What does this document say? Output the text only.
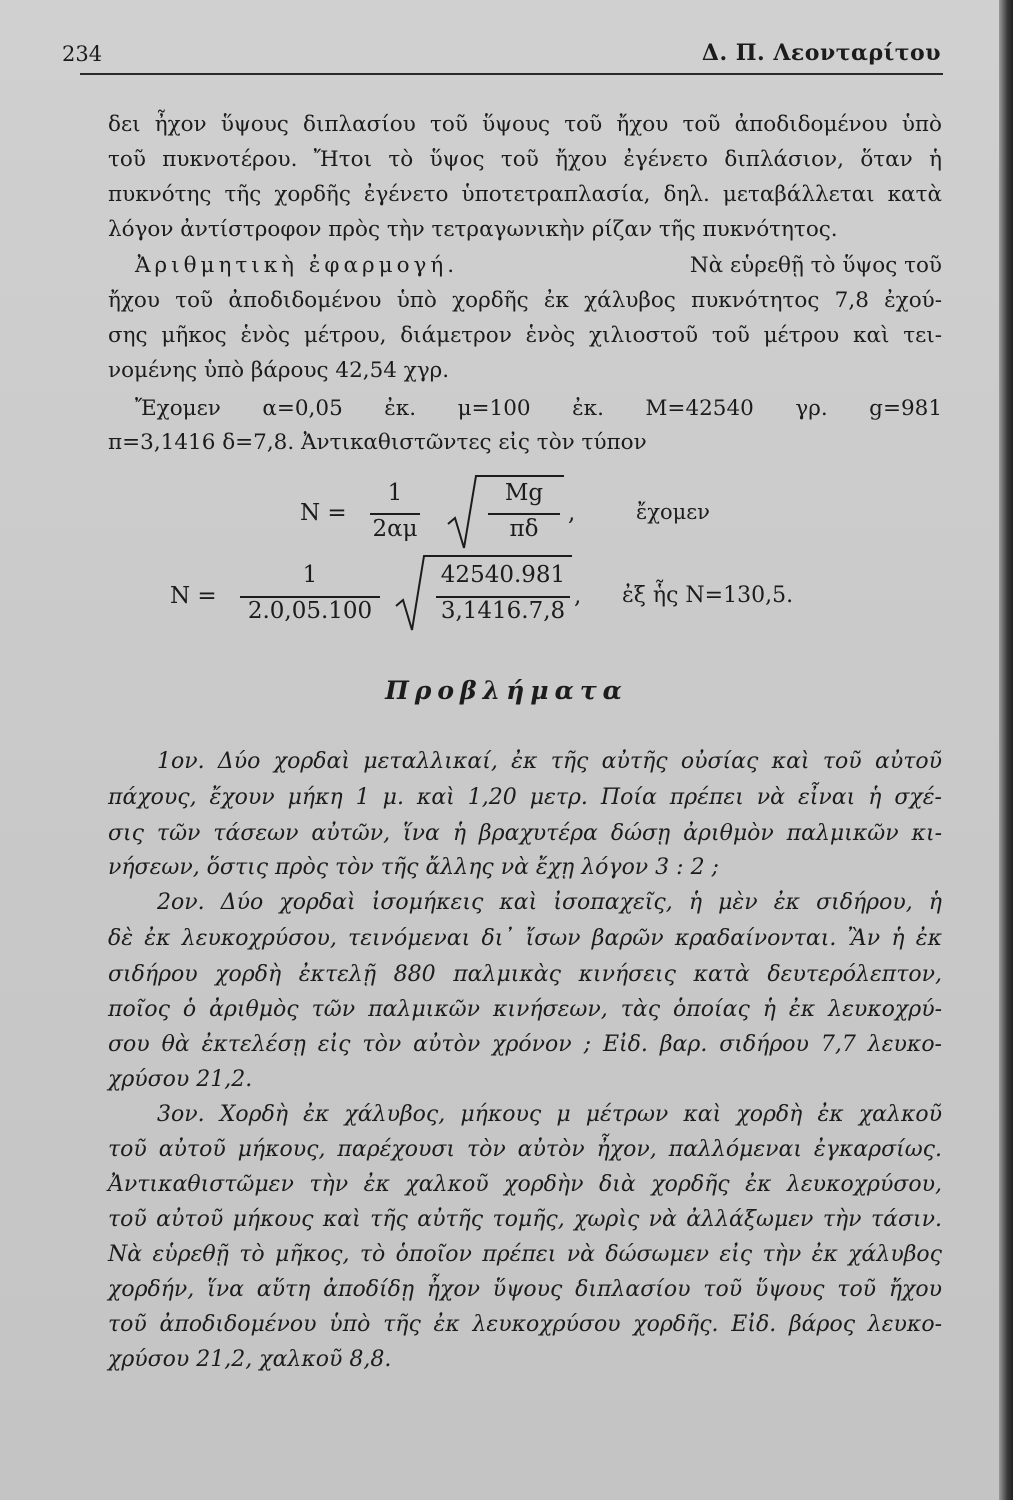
234	Δ. Π. Λεονταρίτου
δει ἦχον ὕψους διπλασίου τοῦ ὕψους τοῦ ἤχου τοῦ ἀποδιδομένου ὑπὸ
τοῦ πυκνοτέρου. Ἤτοι τὸ ὕψος τοῦ ἤχου ἐγένετο διπλάσιον, ὅταν ἡ
πυκνότης τῆς χορδῆς ἐγένετο ὑποτετραπλασία, δηλ. μεταβάλλεται κατὰ
λόγον ἀντίστροφον πρὸς τὴν τετραγωνικὴν ρίζαν τῆς πυκνότητος.
Ἀριθμητικὴ ἐφαρμογή.	Νὰ εὑρεθῇ τὸ ὕψος τοῦ
ἤχου τοῦ ἀποδιδομένου ὑπὸ χορδῆς ἐκ χάλυβος πυκνότητος 7,8 ἐχού-
σης μῆκος ἑνὸς μέτρου, διάμετρον ἑνὸς χιλιοστοῦ τοῦ μέτρου καὶ τει-
νομένης ὑπὸ βάρους 42,54 χγρ.
Ἔχομεν α=0,05 ἐκ. μ=100 ἐκ. Μ=42540 γρ. g=981
π=3,1416 δ=7,8. Ἀντικαθιστῶντες εἰς τὸν τύπον
N =
1
2αμ
Mg
πδ
,	ἔχομεν
N =
1
2.0,05.100
42540.981
3,1416.7,8
, ἐξ ἧς N=130,5.
Προβλήματα
1ον. Δύο χορδαὶ μεταλλικαί, ἐκ τῆς αὐτῆς οὐσίας καὶ τοῦ αὐτοῦ
πάχους, ἔχουν μήκη 1 μ. καὶ 1,20 μετρ. Ποία πρέπει νὰ εἶναι ἡ σχέ-
σις τῶν τάσεων αὐτῶν, ἵνα ἡ βραχυτέρα δώσῃ ἀριθμὸν παλμικῶν κι-
νήσεων, ὅστις πρὸς τὸν τῆς ἄλλης νὰ ἔχῃ λόγον 3 : 2 ;
2ον. Δύο χορδαὶ ἰσομήκεις καὶ ἰσοπαχεῖς, ἡ μὲν ἐκ σιδήρου, ἡ
δὲ ἐκ λευκοχρύσου, τεινόμεναι δι᾿ ἴσων βαρῶν κραδαίνονται. Ἂν ἡ ἐκ
σιδήρου χορδὴ ἐκτελῇ 880 παλμικὰς κινήσεις κατὰ δευτερόλεπτον,
ποῖος ὁ ἀριθμὸς τῶν παλμικῶν κινήσεων, τὰς ὁποίας ἡ ἐκ λευκοχρύ-
σου θὰ ἐκτελέσῃ εἰς τὸν αὐτὸν χρόνον ; Εἰδ. βαρ. σιδήρου 7,7 λευκο-
χρύσου 21,2.
3ον. Χορδὴ ἐκ χάλυβος, μήκους μ μέτρων καὶ χορδὴ ἐκ χαλκοῦ
τοῦ αὐτοῦ μήκους, παρέχουσι τὸν αὐτὸν ἦχον, παλλόμεναι ἐγκαρσίως.
Ἀντικαθιστῶμεν τὴν ἐκ χαλκοῦ χορδὴν διὰ χορδῆς ἐκ λευκοχρύσου,
τοῦ αὐτοῦ μήκους καὶ τῆς αὐτῆς τομῆς, χωρὶς νὰ ἀλλάξωμεν τὴν τάσιν.
Νὰ εὑρεθῇ τὸ μῆκος, τὸ ὁποῖον πρέπει νὰ δώσωμεν εἰς τὴν ἐκ χάλυβος
χορδήν, ἵνα αὕτη ἀποδίδῃ ἦχον ὕψους διπλασίου τοῦ ὕψους τοῦ ἤχου
τοῦ ἀποδιδομένου ὑπὸ τῆς ἐκ λευκοχρύσου χορδῆς. Εἰδ. βάρος λευκο-
χρύσου 21,2, χαλκοῦ 8,8.
